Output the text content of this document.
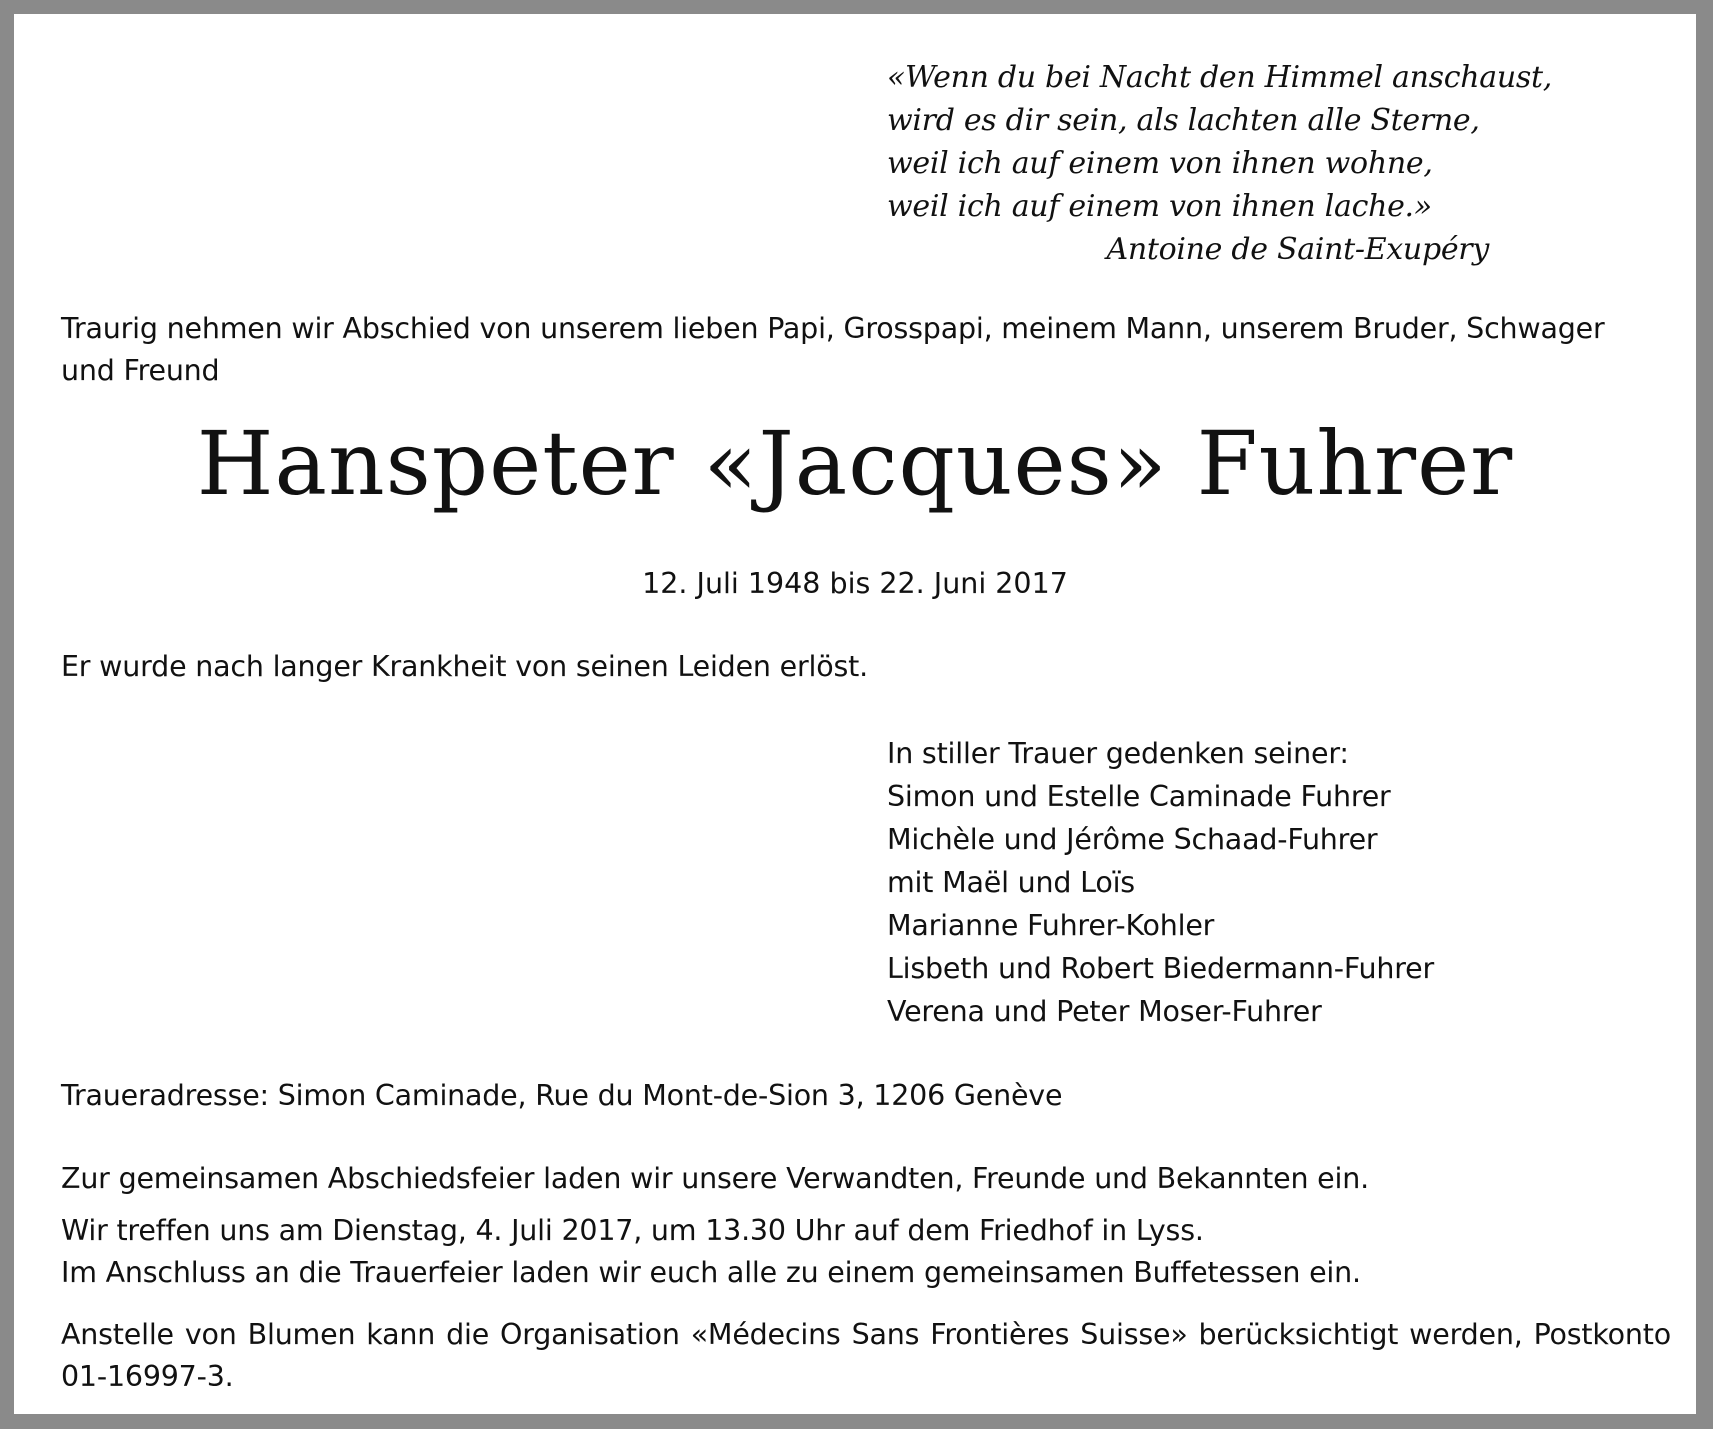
«Wenn du bei Nacht den Himmel anschaust,
wird es dir sein, als lachten alle Sterne,
weil ich auf einem von ihnen wohne,
weil ich auf einem von ihnen lache.»
Antoine de Saint-Exupéry
Traurig nehmen wir Abschied von unserem lieben Papi, Grosspapi, meinem Mann, unserem Bruder, Schwager und Freund
Hanspeter «Jacques» Fuhrer
12. Juli 1948 bis 22. Juni 2017
Er wurde nach langer Krankheit von seinen Leiden erlöst.
In stiller Trauer gedenken seiner:
Simon und Estelle Caminade Fuhrer
Michèle und Jérôme Schaad-Fuhrer
mit Maël und Loïs
Marianne Fuhrer-Kohler
Lisbeth und Robert Biedermann-Fuhrer
Verena und Peter Moser-Fuhrer
Traueradresse: Simon Caminade, Rue du Mont-de-Sion 3, 1206 Genève
Zur gemeinsamen Abschiedsfeier laden wir unsere Verwandten, Freunde und Bekannten ein.
Wir treffen uns am Dienstag, 4. Juli 2017, um 13.30 Uhr auf dem Friedhof in Lyss.
Im Anschluss an die Trauerfeier laden wir euch alle zu einem gemeinsamen Buffetessen ein.
Anstelle von Blumen kann die Organisation «Médecins Sans Frontières Suisse» berücksichtigt werden, Postkonto 01-16997-3.
